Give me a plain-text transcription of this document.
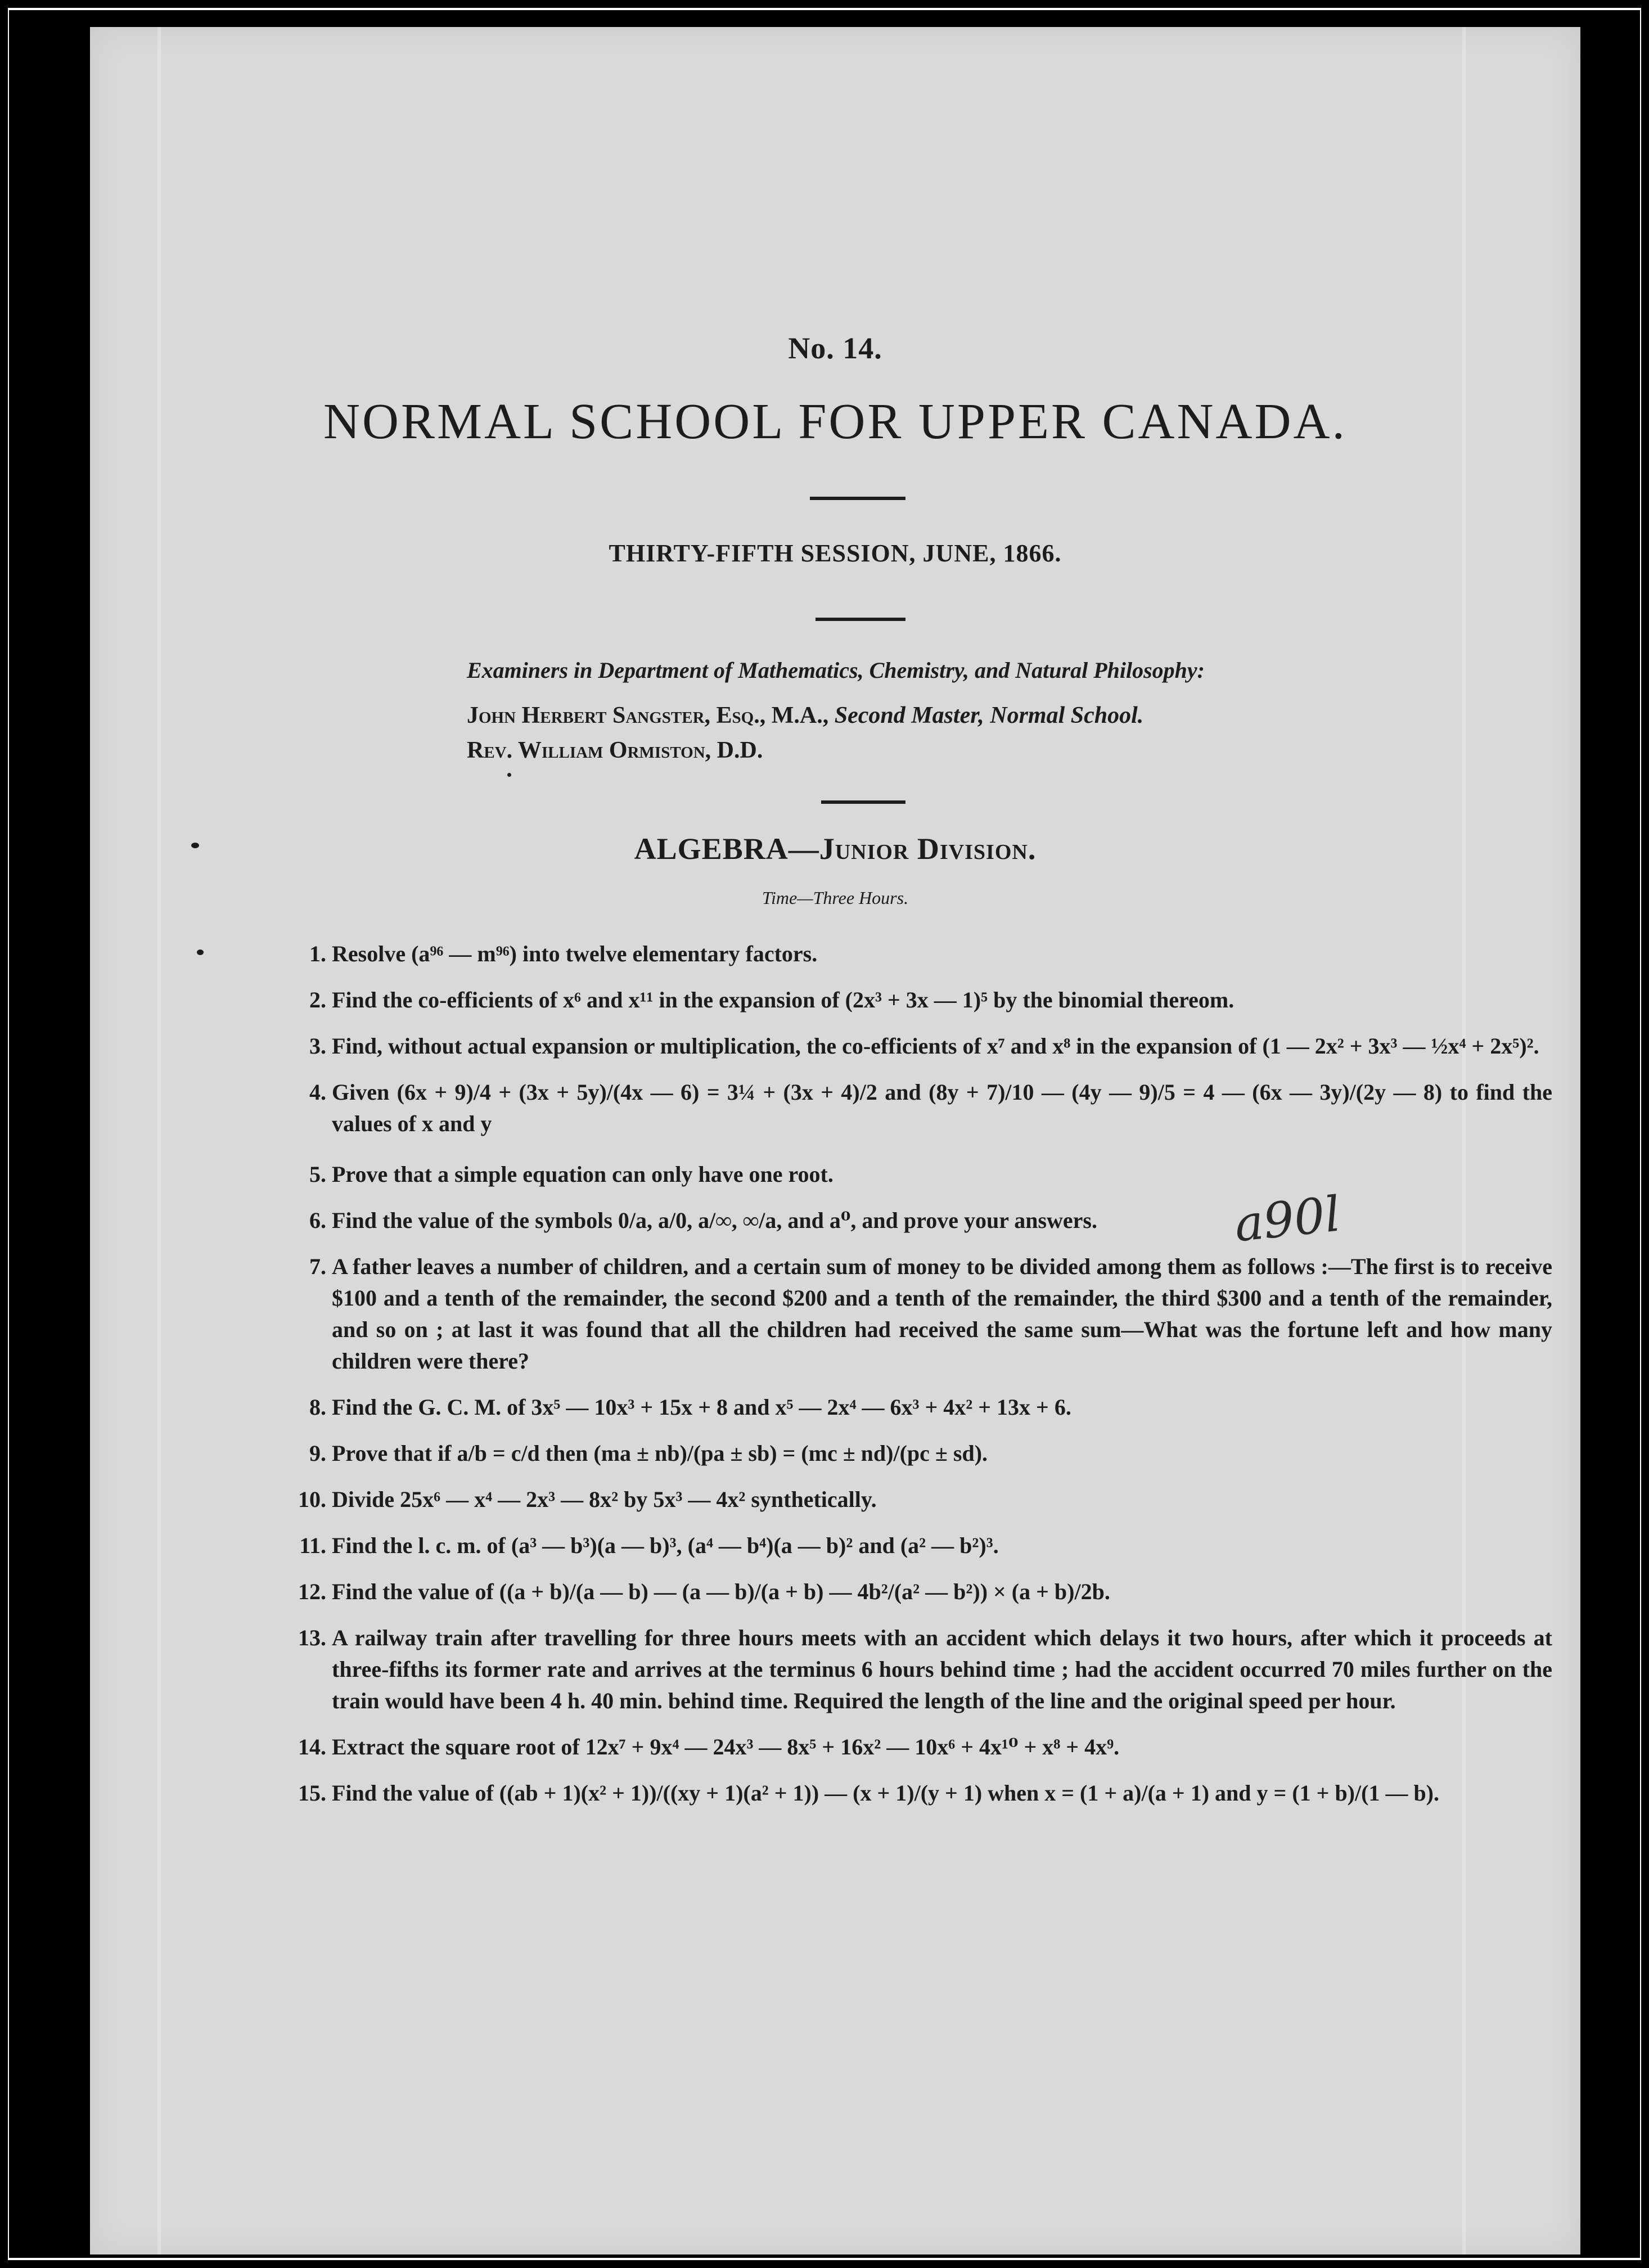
No. 14.
NORMAL SCHOOL FOR UPPER CANADA.
THIRTY-FIFTH SESSION, JUNE, 1866.
Examiners in Department of Mathematics, Chemistry, and Natural Philosophy:
John Herbert Sangster, Esq., M.A., Second Master, Normal School.
Rev. William Ormiston, D.D.
ALGEBRA—Junior Division.
Time—Three Hours.
1. Resolve (a⁹⁶ — m⁹⁶) into twelve elementary factors.
2. Find the co-efficients of x⁶ and x¹¹ in the expansion of (2x³ + 3x — 1)⁵ by the binomial thereom.
3. Find, without actual expansion or multiplication, the co-efficients of x⁷ and x⁸ in the expansion of (1 — 2x² + 3x³ — ½x⁴ + 2x⁵)².
4. Given (6x + 9)/4 + (3x + 5y)/(4x — 6) = 3¼ + (3x + 4)/2 and (8y + 7)/10 — (4y — 9)/5 = 4 — (6x — 3y)/(2y — 8) to find the values of x and y
5. Prove that a simple equation can only have one root.
6. Find the value of the symbols 0/a, a/0, a/∞, ∞/a, and a⁰, and prove your answers.
7. A father leaves a number of children, and a certain sum of money to be divided among them as follows :—The first is to receive $100 and a tenth of the remainder, the second $200 and a tenth of the remainder, the third $300 and a tenth of the remainder, and so on ; at last it was found that all the children had received the same sum—What was the fortune left and how many children were there?
8. Find the G. C. M. of 3x⁵ — 10x³ + 15x + 8 and x⁵ — 2x⁴ — 6x³ + 4x² + 13x + 6.
9. Prove that if a/b = c/d then (ma ± nb)/(pa ± sb) = (mc ± nd)/(pc ± sd).
10. Divide 25x⁶ — x⁴ — 2x³ — 8x² by 5x³ — 4x² synthetically.
11. Find the l. c. m. of (a³ — b³)(a — b)³, (a⁴ — b⁴)(a — b)² and (a² — b²)³.
12. Find the value of ((a + b)/(a — b) — (a — b)/(a + b) — 4b²/(a² — b²)) × (a + b)/2b.
13. A railway train after travelling for three hours meets with an accident which delays it two hours, after which it proceeds at three-fifths its former rate and arrives at the terminus 6 hours behind time ; had the accident occurred 70 miles further on the train would have been 4 h. 40 min. behind time. Required the length of the line and the original speed per hour.
14. Extract the square root of 12x⁷ + 9x⁴ — 24x³ — 8x⁵ + 16x² — 10x⁶ + 4x¹⁰ + x⁸ + 4x⁹.
15. Find the value of ((ab + 1)(x² + 1))/((xy + 1)(a² + 1)) — (x + 1)/(y + 1) when x = (1 + a)/(a + 1) and y = (1 + b)/(1 — b).
a90l
